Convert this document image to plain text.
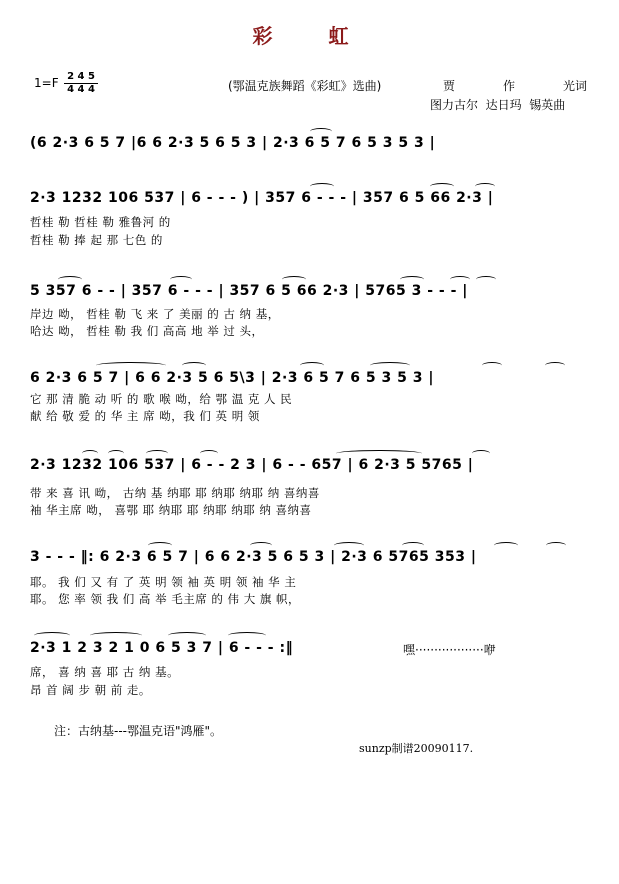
彩　虹
1=F 2 4 5
4 4 4	(鄂温克族舞蹈《彩虹》选曲)	贾　　　　作　　　　光词
图力古尔  达日玛  锡英曲
(6 2·3 6 5 7 |6 6 2·3 5 6 5 3 | 2·3 6 5 7 6 5 3 5 3 |
2·3 1232 106 537 | 6 - - - ) | 357 6 - - - | 357 6 5 66 2·3 |
哲桂 勒 哲桂 勒 雅鲁河 的
哲桂 勒 捧 起 那 七色 的
5 357 6 - - | 357 6 - - - | 357 6 5 66 2·3 | 5765 3 - - - |
岸边 呦， 哲桂 勒 飞 来 了 美丽 的 古 纳 基，
哈达 呦， 哲桂 勒 我 们 高高 地 举 过 头，
6 2·3 6 5 7 | 6 6 2·3 5 6 5\3 | 2·3 6 5 7 6 5 3 5 3 |
它 那 清 脆 动 听 的 歌 喉 呦，给 鄂 温 克 人 民
献 给 敬 爱 的 华 主 席 呦，我 们 英 明 领
2·3 1232 106 537 | 6 - - 2 3 | 6 - - 657 | 6 2·3 5 5765 |
带 来 喜 讯 呦， 古纳 基 纳耶 耶 纳耶 纳耶 纳 喜纳喜
袖 华主席 呦， 喜鄂 耶 纳耶 耶 纳耶 纳耶 纳 喜纳喜
3 - - - ‖: 6 2·3 6 5 7 | 6 6 2·3 5 6 5 3 | 2·3 6 5765 353 |
耶。 我 们 又 有 了 英 明 领 袖 英 明 领 袖 华 主
耶。 您 率 领 我 们 高 举 毛主席 的 伟 大 旗 帜，
2·3 1 2 3 2 1 0 6 5 3 7 | 6 - - - :‖	嘿··················咿
席， 喜 纳 喜 耶 古 纳 基。
昂 首 阔 步 朝 前 走。
注：古纳基---鄂温克语"鸿雁"。
sunzp制谱20090117.
